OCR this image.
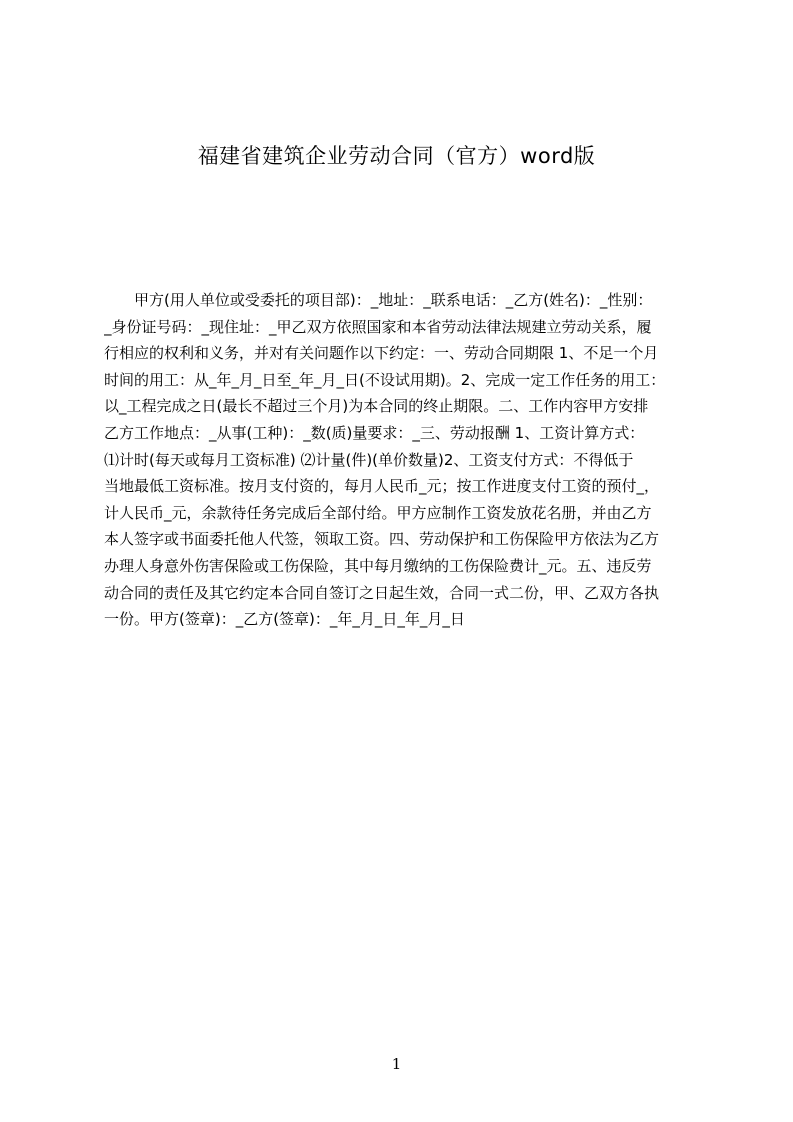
福建省建筑企业劳动合同（官方）word版
　　甲方(用人单位或受委托的项目部)：_地址：_联系电话：_乙方(姓名)：_性别：
_身份证号码：_现住址：_甲乙双方依照国家和本省劳动法律法规建立劳动关系，履
行相应的权利和义务，并对有关问题作以下约定：一、劳动合同期限 1、不足一个月
时间的用工：从_年_月_日至_年_月_日(不设试用期)。2、完成一定工作任务的用工：
以_工程完成之日(最长不超过三个月)为本合同的终止期限。二、工作内容甲方安排
乙方工作地点：_从事(工种)：_数(质)量要求：_三、劳动报酬 1、工资计算方式：
⑴计时(每天或每月工资标准) ⑵计量(件)(单价数量)2、工资支付方式：不得低于
当地最低工资标准。按月支付资的，每月人民币_元；按工作进度支付工资的预付_，
计人民币_元，余款待任务完成后全部付给。甲方应制作工资发放花名册，并由乙方
本人签字或书面委托他人代签，领取工资。四、劳动保护和工伤保险甲方依法为乙方
办理人身意外伤害保险或工伤保险，其中每月缴纳的工伤保险费计_元。五、违反劳
动合同的责任及其它约定本合同自签订之日起生效，合同一式二份，甲、乙双方各执
一份。甲方(签章)：_乙方(签章)：_年_月_日_年_月_日
1
